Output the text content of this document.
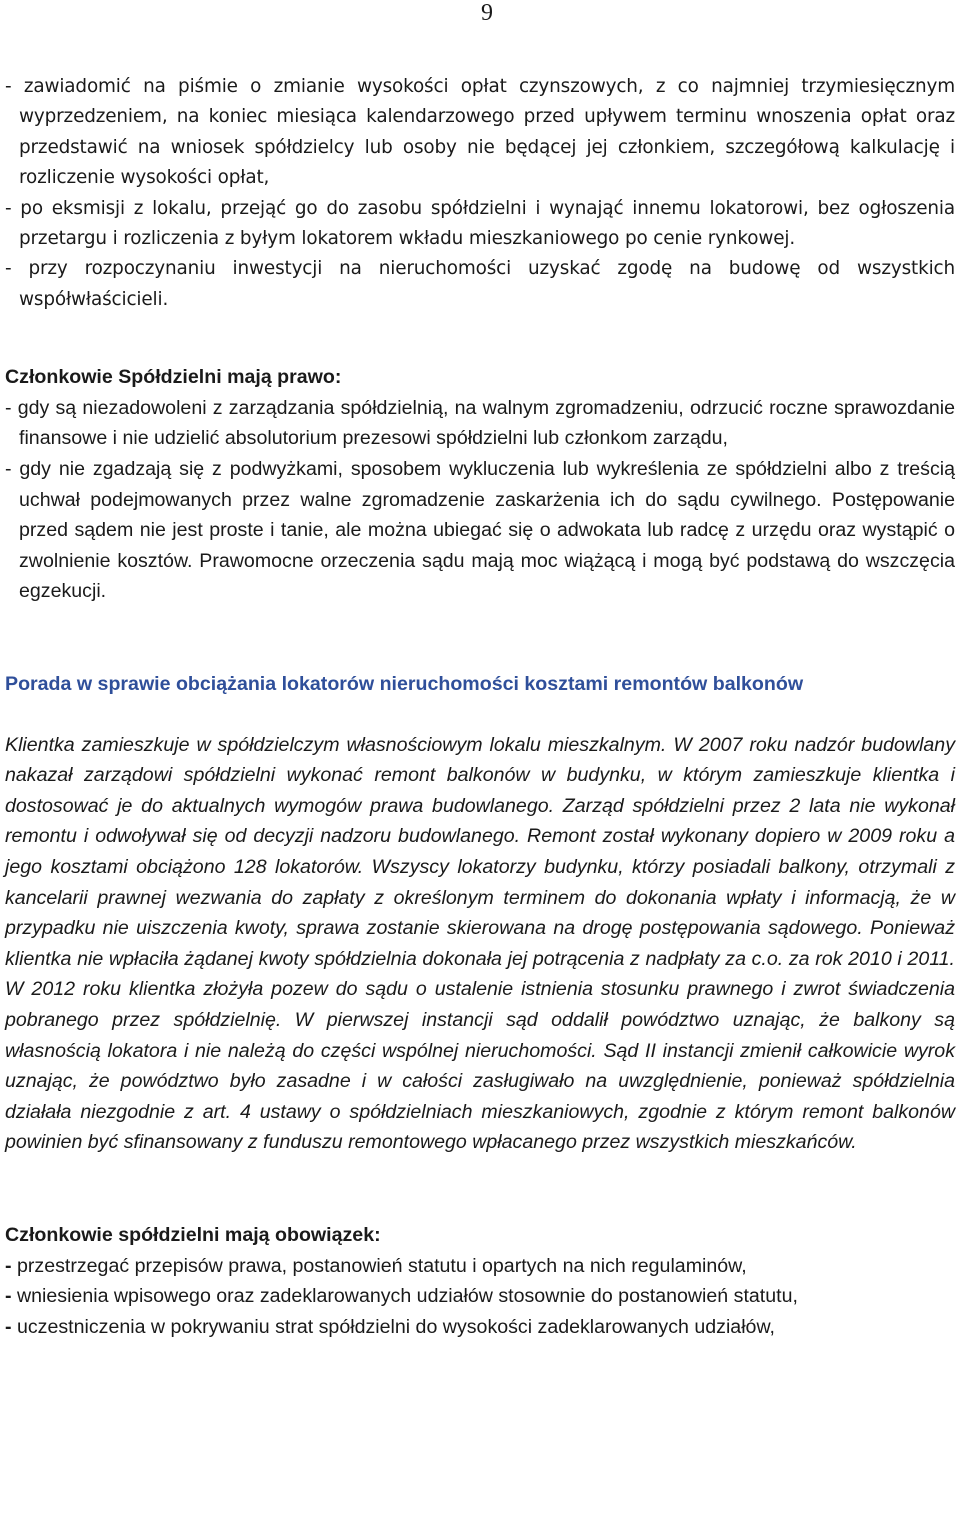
9

- zawiadomić na piśmie o zmianie wysokości opłat czynszowych, z co najmniej trzymiesięcznym wyprzedzeniem, na koniec miesiąca kalendarzowego przed upływem terminu wnoszenia opłat oraz przedstawić na wniosek spółdzielcy lub osoby nie będącej jej członkiem, szczegółową kalkulację i rozliczenie wysokości opłat,

- po eksmisji z lokalu, przejąć go do zasobu spółdzielni i wynająć innemu lokatorowi, bez ogłoszenia przetargu i rozliczenia z byłym lokatorem wkładu mieszkaniowego po cenie rynkowej.

- przy rozpoczynaniu inwestycji na nieruchomości uzyskać zgodę na budowę od wszystkich współwłaścicieli.

Członkowie Spółdzielni mają prawo:

- gdy są niezadowoleni z zarządzania spółdzielnią, na walnym zgromadzeniu, odrzucić roczne sprawozdanie finansowe i nie udzielić absolutorium prezesowi spółdzielni lub członkom zarządu,

- gdy nie zgadzają się z podwyżkami, sposobem wykluczenia lub wykreślenia ze spółdzielni albo z treścią uchwał podejmowanych przez walne zgromadzenie zaskarżenia ich do sądu cywilnego. Postępowanie przed sądem nie jest proste i tanie, ale można ubiegać się o adwokata lub radcę z urzędu oraz wystąpić o zwolnienie kosztów. Prawomocne orzeczenia sądu mają moc wiążącą i mogą być podstawą do wszczęcia egzekucji.

Porada w sprawie obciążania lokatorów nieruchomości kosztami remontów balkonów

Klientka zamieszkuje w spółdzielczym własnościowym lokalu mieszkalnym. W 2007 roku nadzór budowlany nakazał zarządowi spółdzielni wykonać remont balkonów w budynku, w którym zamieszkuje klientka i dostosować je do aktualnych wymogów prawa budowlanego. Zarząd spółdzielni przez 2 lata nie wykonał remontu i odwoływał się od decyzji nadzoru budowlanego. Remont został wykonany dopiero w 2009 roku a jego kosztami obciążono 128 lokatorów. Wszyscy lokatorzy budynku, którzy posiadali balkony, otrzymali z kancelarii prawnej wezwania do zapłaty z określonym terminem do dokonania wpłaty i informacją, że w przypadku nie uiszczenia kwoty, sprawa zostanie skierowana na drogę postępowania sądowego. Ponieważ klientka nie wpłaciła żądanej kwoty spółdzielnia dokonała jej potrącenia z nadpłaty za c.o. za rok 2010 i 2011. W 2012 roku klientka złożyła pozew do sądu o ustalenie istnienia stosunku prawnego i zwrot świadczenia pobranego przez spółdzielnię. W pierwszej instancji sąd oddalił powództwo uznając, że balkony są własnością lokatora i nie należą do części wspólnej nieruchomości. Sąd II instancji zmienił całkowicie wyrok uznając, że powództwo było zasadne i w całości zasługiwało na uwzględnienie, ponieważ spółdzielnia działała niezgodnie z art. 4 ustawy o spółdzielniach mieszkaniowych, zgodnie z którym remont balkonów powinien być sfinansowany z funduszu remontowego wpłacanego przez wszystkich mieszkańców.

Członkowie spółdzielni mają obowiązek:

- przestrzegać przepisów prawa, postanowień statutu i opartych na nich regulaminów,

- wniesienia wpisowego oraz zadeklarowanych udziałów stosownie do postanowień statutu,

- uczestniczenia w pokrywaniu strat spółdzielni do wysokości zadeklarowanych udziałów,
